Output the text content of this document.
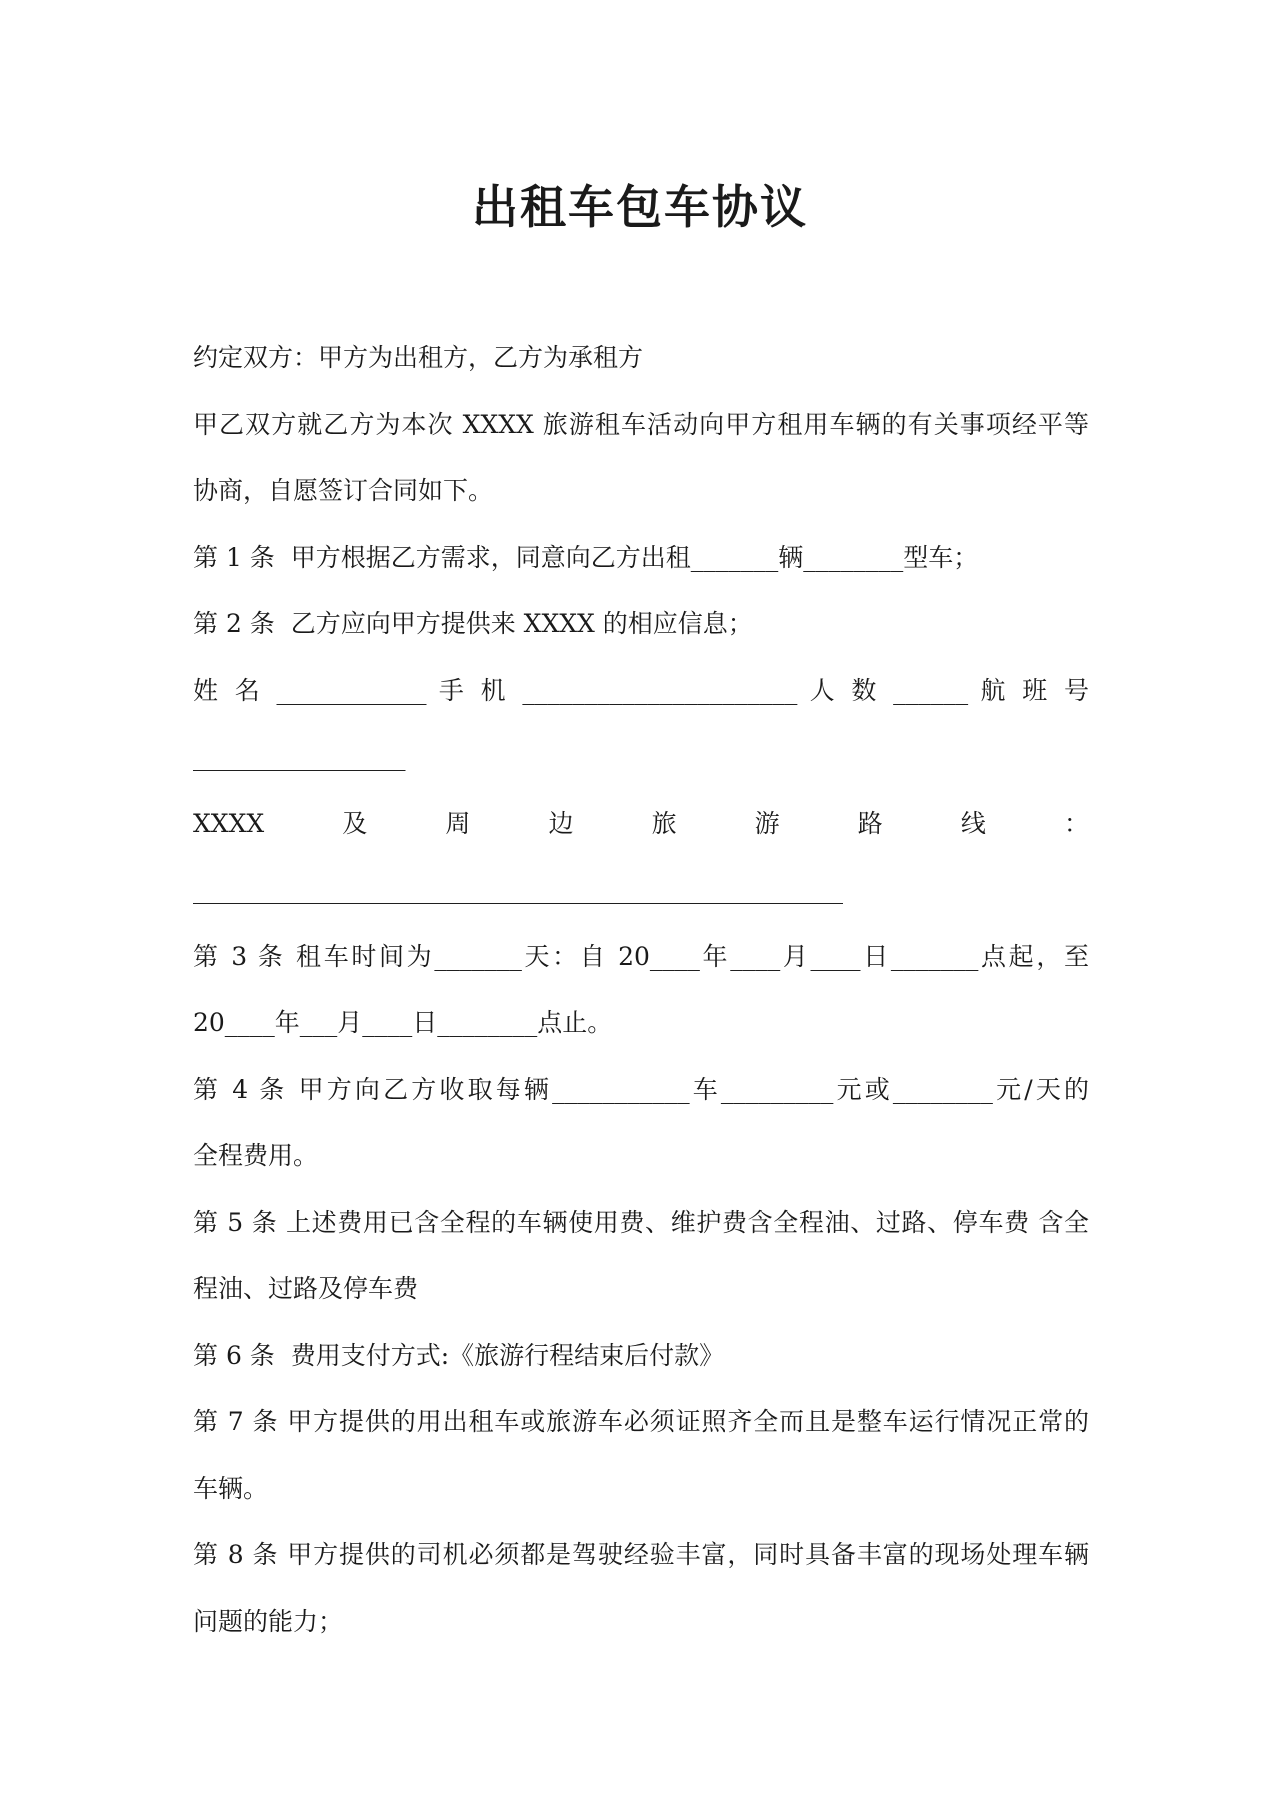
出租车包车协议
约定双方：甲方为出租方，乙方为承租方
甲乙双方就乙方为本次 XXXX 旅游租车活动向甲方租用车辆的有关事项经平等
协商，自愿签订合同如下。
第 1 条  甲方根据乙方需求，同意向乙方出租_______辆________型车；
第 2 条  乙方应向甲方提供来 XXXX 的相应信息；
姓 名 ____________ 手 机 ______________________ 人 数 ______ 航 班 号
_________________
XXXX	及	周	边	旅	游	路	线	：
____________________________________________________
第 3 条 租车时间为_______天：自 20____年____月____日_______点起，至
20____年___月____日________点止。
第 4 条 甲方向乙方收取每辆___________车_________元或________元/天的
全程费用。
第 5 条 上述费用已含全程的车辆使用费、维护费含全程油、过路、停车费 含全
程油、过路及停车费
第 6 条  费用支付方式:《旅游行程结束后付款》
第 7 条 甲方提供的用出租车或旅游车必须证照齐全而且是整车运行情况正常的
车辆。
第 8 条 甲方提供的司机必须都是驾驶经验丰富，同时具备丰富的现场处理车辆
问题的能力；
